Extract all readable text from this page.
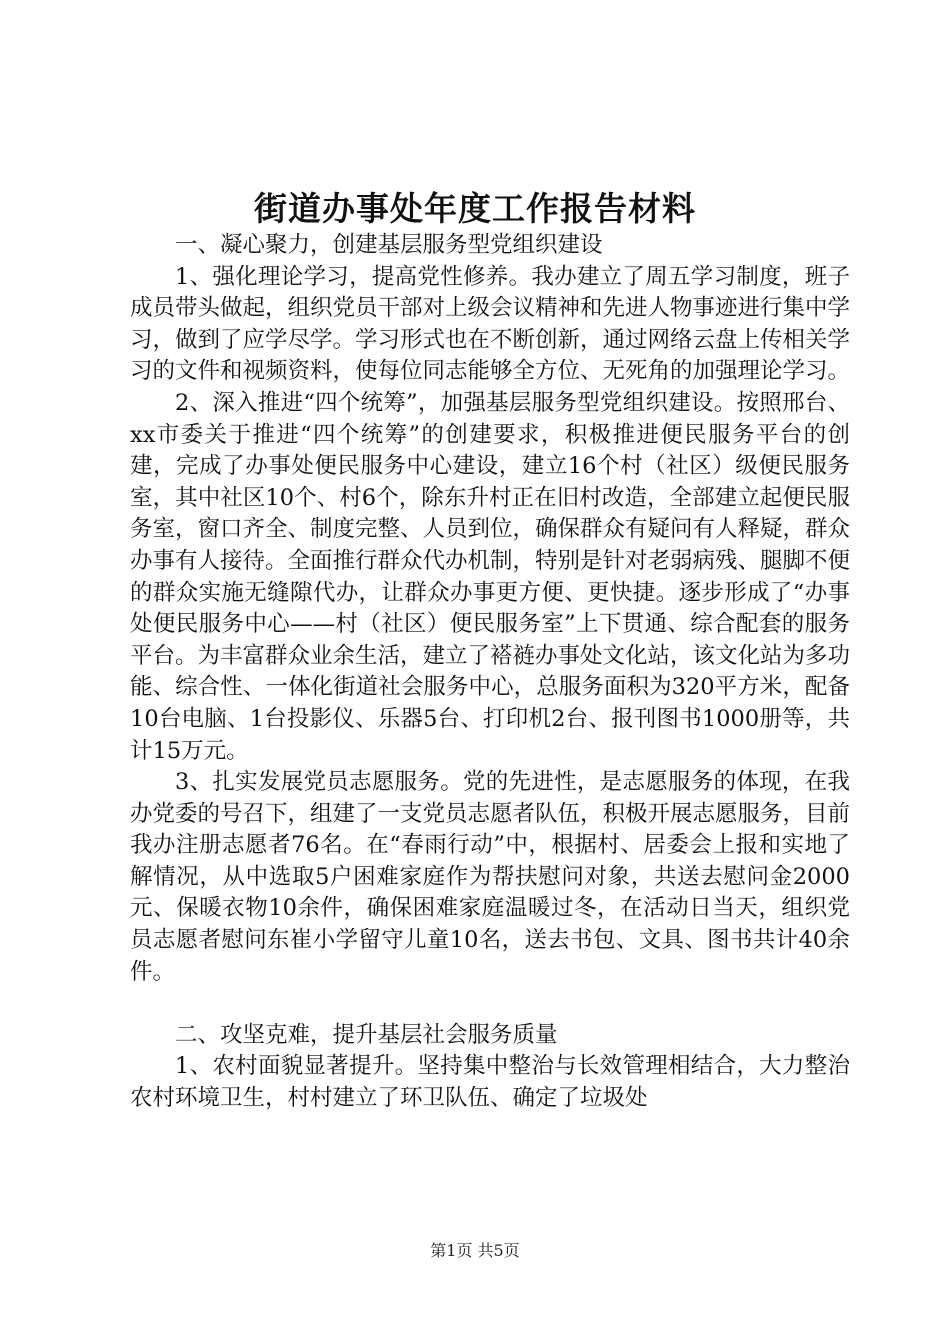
街道办事处年度工作报告材料

一、凝心聚力，创建基层服务型党组织建设

1、强化理论学习，提高党性修养。我办建立了周五学习制度，班子成员带头做起，组织党员干部对上级会议精神和先进人物事迹进行集中学习，做到了应学尽学。学习形式也在不断创新，通过网络云盘上传相关学习的文件和视频资料，使每位同志能够全方位、无死角的加强理论学习。

2、深入推进“四个统筹”，加强基层服务型党组织建设。按照邢台、xx市委关于推进“四个统筹”的创建要求，积极推进便民服务平台的创建，完成了办事处便民服务中心建设，建立16个村（社区）级便民服务室，其中社区10个、村6个，除东升村正在旧村改造，全部建立起便民服务室，窗口齐全、制度完整、人员到位，确保群众有疑问有人释疑，群众办事有人接待。全面推行群众代办机制，特别是针对老弱病残、腿脚不便的群众实施无缝隙代办，让群众办事更方便、更快捷。逐步形成了“办事处便民服务中心——村（社区）便民服务室”上下贯通、综合配套的服务平台。为丰富群众业余生活，建立了褡裢办事处文化站，该文化站为多功能、综合性、一体化街道社会服务中心，总服务面积为320平方米，配备10台电脑、1台投影仪、乐器5台、打印机2台、报刊图书1000册等，共计15万元。

3、扎实发展党员志愿服务。党的先进性，是志愿服务的体现，在我办党委的号召下，组建了一支党员志愿者队伍，积极开展志愿服务，目前我办注册志愿者76名。在“春雨行动”中，根据村、居委会上报和实地了解情况，从中选取5户困难家庭作为帮扶慰问对象，共送去慰问金2000元、保暖衣物10余件，确保困难家庭温暖过冬，在活动日当天，组织党员志愿者慰问东崔小学留守儿童10名，送去书包、文具、图书共计40余件。

二、攻坚克难，提升基层社会服务质量

1、农村面貌显著提升。坚持集中整治与长效管理相结合，大力整治农村环境卫生，村村建立了环卫队伍、确定了垃圾处

第1页 共5页
